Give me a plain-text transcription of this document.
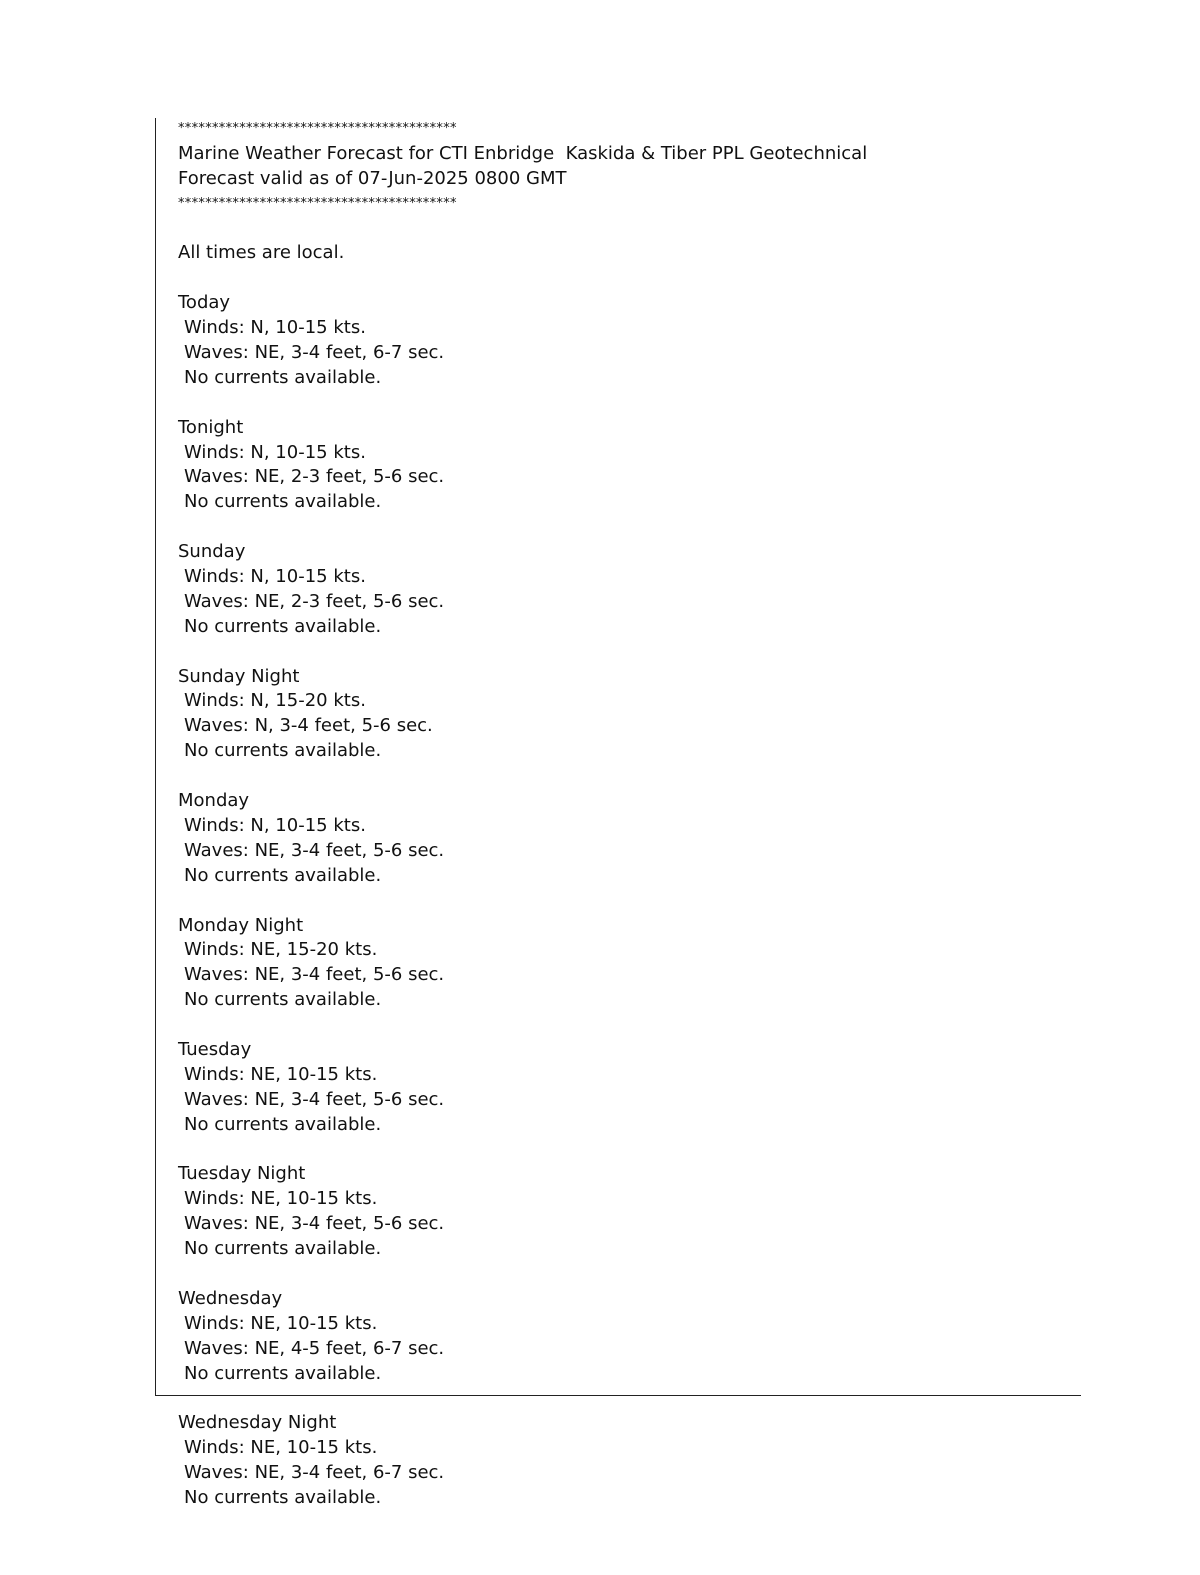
*****************************************
Marine Weather Forecast for CTI Enbridge  Kaskida & Tiber PPL Geotechnical
Forecast valid as of 07-Jun-2025 0800 GMT
*****************************************
All times are local.
Today
Winds: N, 10-15 kts.
Waves: NE, 3-4 feet, 6-7 sec.
No currents available.
Tonight
Winds: N, 10-15 kts.
Waves: NE, 2-3 feet, 5-6 sec.
No currents available.
Sunday
Winds: N, 10-15 kts.
Waves: NE, 2-3 feet, 5-6 sec.
No currents available.
Sunday Night
Winds: N, 15-20 kts.
Waves: N, 3-4 feet, 5-6 sec.
No currents available.
Monday
Winds: N, 10-15 kts.
Waves: NE, 3-4 feet, 5-6 sec.
No currents available.
Monday Night
Winds: NE, 15-20 kts.
Waves: NE, 3-4 feet, 5-6 sec.
No currents available.
Tuesday
Winds: NE, 10-15 kts.
Waves: NE, 3-4 feet, 5-6 sec.
No currents available.
Tuesday Night
Winds: NE, 10-15 kts.
Waves: NE, 3-4 feet, 5-6 sec.
No currents available.
Wednesday
Winds: NE, 10-15 kts.
Waves: NE, 4-5 feet, 6-7 sec.
No currents available.
Wednesday Night
Winds: NE, 10-15 kts.
Waves: NE, 3-4 feet, 6-7 sec.
No currents available.
